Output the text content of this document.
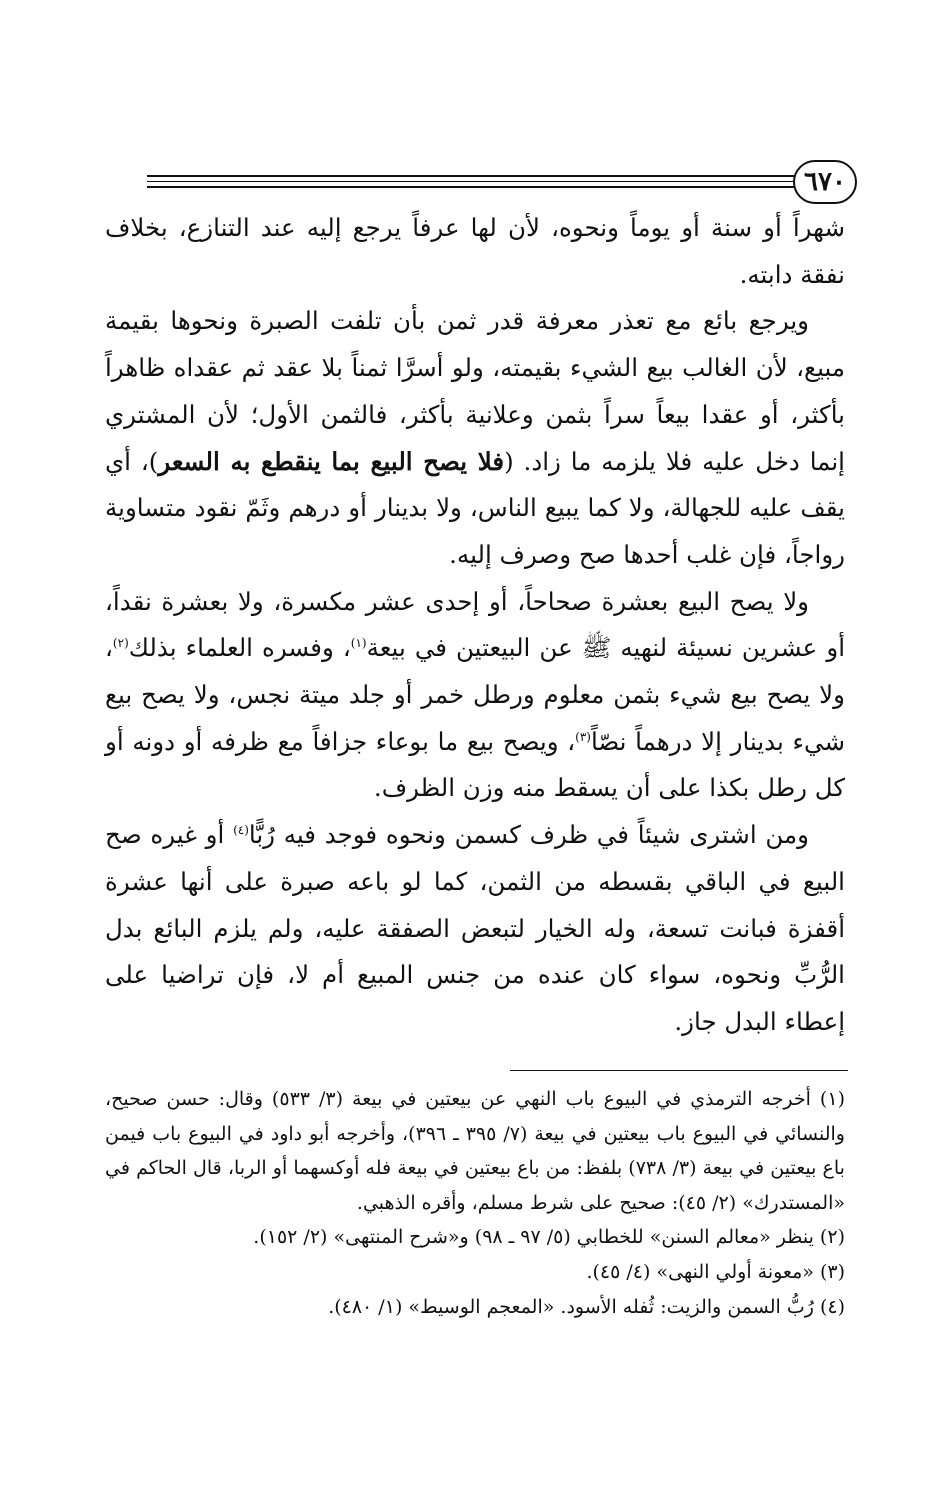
٦٧٠

شهراً أو سنة أو يوماً ونحوه، لأن لها عرفاً يرجع إليه عند التنازع، بخلاف نفقة دابته.

ويرجع بائع مع تعذر معرفة قدر ثمن بأن تلفت الصبرة ونحوها بقيمة مبيع، لأن الغالب بيع الشيء بقيمته، ولو أسرَّا ثمناً بلا عقد ثم عقداه ظاهراً بأكثر، أو عقدا بيعاً سراً بثمن وعلانية بأكثر، فالثمن الأول؛ لأن المشتري إنما دخل عليه فلا يلزمه ما زاد. (فلا يصح البيع بما ينقطع به السعر)، أي يقف عليه للجهالة، ولا كما يبيع الناس، ولا بدينار أو درهم وثَمّ نقود متساوية رواجاً، فإن غلب أحدها صح وصرف إليه.

ولا يصح البيع بعشرة صحاحاً، أو إحدى عشر مكسرة، ولا بعشرة نقداً، أو عشرين نسيئة لنهيه ﷺ عن البيعتين في بيعة$^{(١)}$، وفسره العلماء بذلك$^{(٢)}$، ولا يصح بيع شيء بثمن معلوم ورطل خمر أو جلد ميتة نجس، ولا يصح بيع شيء بدينار إلا درهماً نصّاً$^{(٣)}$، ويصح بيع ما بوعاء جزافاً مع ظرفه أو دونه أو كل رطل بكذا على أن يسقط منه وزن الظرف.

ومن اشترى شيئاً في ظرف كسمن ونحوه فوجد فيه رُبًّا$^{(٤)}$ أو غيره صح البيع في الباقي بقسطه من الثمن، كما لو باعه صبرة على أنها عشرة أقفزة فبانت تسعة، وله الخيار لتبعض الصفقة عليه، ولم يلزم البائع بدل الرُّبِّ ونحوه، سواء كان عنده من جنس المبيع أم لا، فإن تراضيا على إعطاء البدل جاز.

(١) أخرجه الترمذي في البيوع باب النهي عن بيعتين في بيعة (٣/ ٥٣٣) وقال: حسن صحيح، والنسائي في البيوع باب بيعتين في بيعة (٧/ ٣٩٥ ـ ٣٩٦)، وأخرجه أبو داود في البيوع باب فيمن باع بيعتين في بيعة (٣/ ٧٣٨) بلفظ: من باع بيعتين في بيعة فله أوكسهما أو الربا، قال الحاكم في «المستدرك» (٢/ ٤٥): صحيح على شرط مسلم، وأقره الذهبي.

(٢) ينظر «معالم السنن» للخطابي (٥/ ٩٧ ـ ٩٨) و«شرح المنتهى» (٢/ ١٥٢).

(٣) «معونة أولي النهى» (٤/ ٤٥).

(٤) رُبُّ السمن والزيت: ثُفله الأسود. «المعجم الوسيط» (١/ ٤٨٠).
